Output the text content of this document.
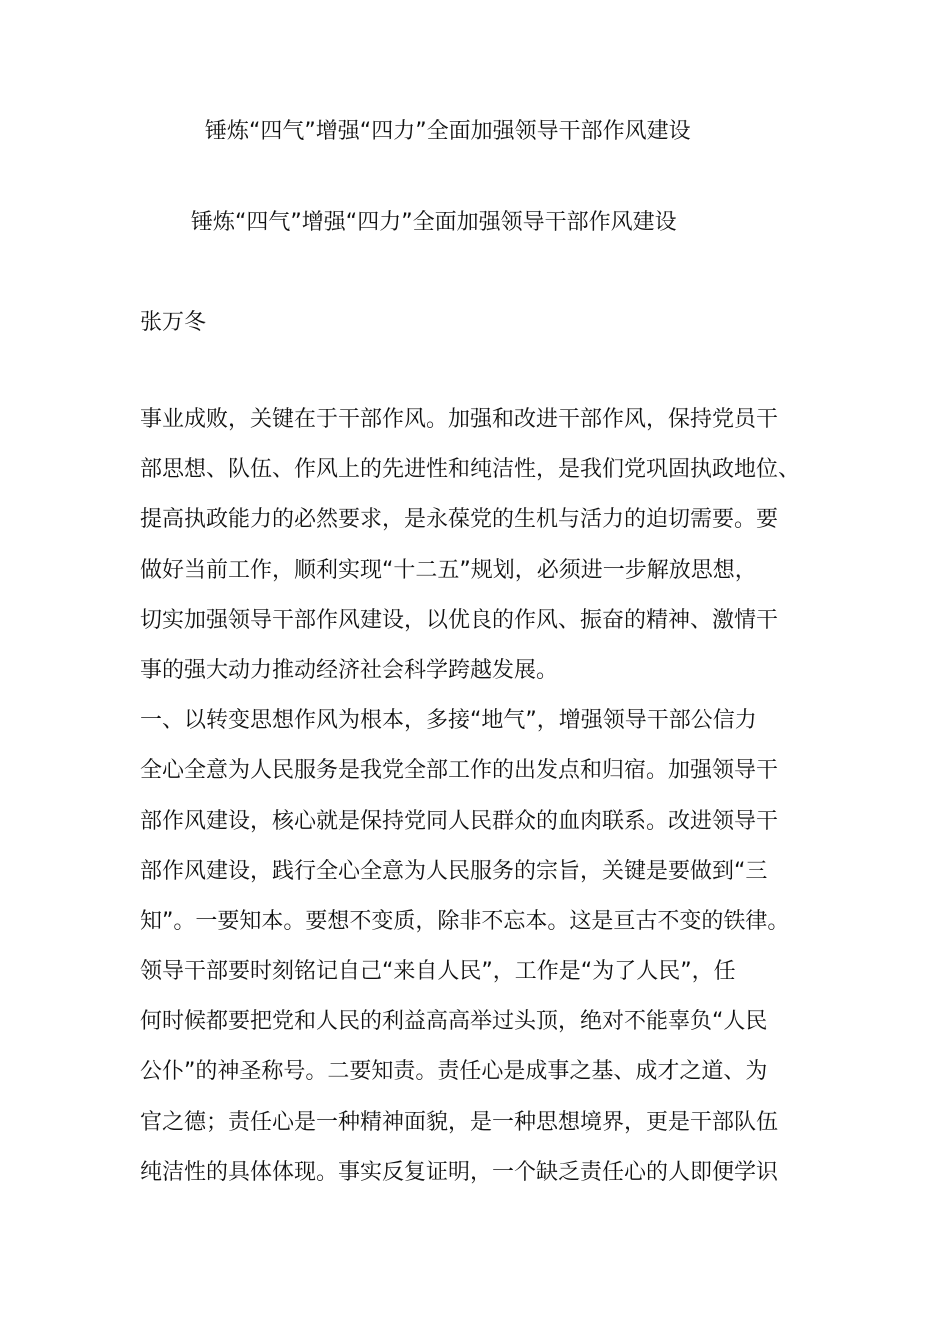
锤炼“四气”增强“四力”全面加强领导干部作风建设
锤炼“四气”增强“四力”全面加强领导干部作风建设
张万冬
事业成败，关键在于干部作风。加强和改进干部作风，保持党员干
部思想、队伍、作风上的先进性和纯洁性，是我们党巩固执政地位、
提高执政能力的必然要求，是永葆党的生机与活力的迫切需要。要
做好当前工作，顺利实现“十二五”规划，必须进一步解放思想，
切实加强领导干部作风建设，以优良的作风、振奋的精神、激情干
事的强大动力推动经济社会科学跨越发展。
一、以转变思想作风为根本，多接“地气”，增强领导干部公信力
全心全意为人民服务是我党全部工作的出发点和归宿。加强领导干
部作风建设，核心就是保持党同人民群众的血肉联系。改进领导干
部作风建设，践行全心全意为人民服务的宗旨，关键是要做到“三
知”。一要知本。要想不变质，除非不忘本。这是亘古不变的铁律。
领导干部要时刻铭记自己“来自人民”，工作是“为了人民”，任
何时候都要把党和人民的利益高高举过头顶，绝对不能辜负“人民
公仆”的神圣称号。二要知责。责任心是成事之基、成才之道、为
官之德；责任心是一种精神面貌，是一种思想境界，更是干部队伍
纯洁性的具体体现。事实反复证明，一个缺乏责任心的人即便学识
